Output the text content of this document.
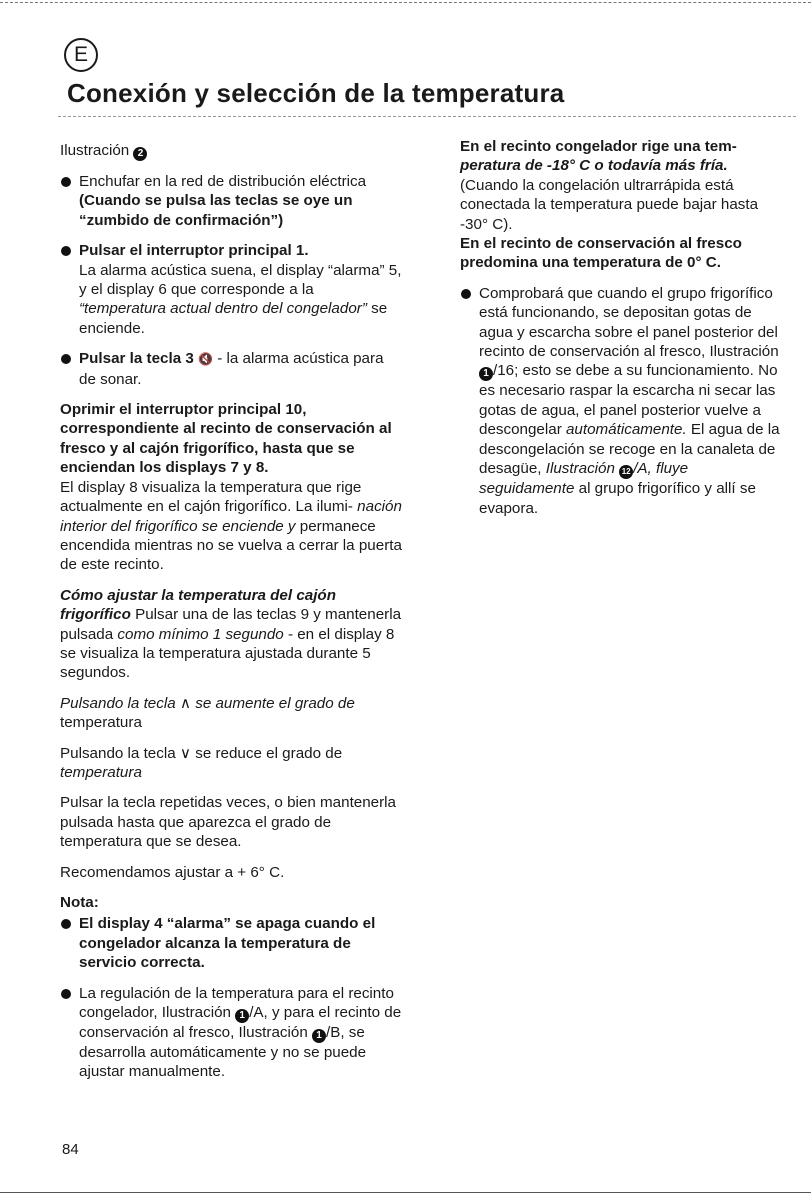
E
Conexión y selección de la temperatura

Ilustración 2

Enchufar en la red de distribución eléctrica
(Cuando se pulsa las teclas se oye un “zumbido de confirmación”)

Pulsar el interruptor principal 1.
La alarma acústica suena, el display “alarma” 5, y el display 6 que corresponde a la “temperatura actual dentro del congelador” se enciende.

Pulsar la tecla 3 🔇 - la alarma acústica para de sonar.

Oprimir el interruptor principal 10, correspondiente al recinto de conservación al fresco y al cajón frigorífico, hasta que se enciendan los displays 7 y 8.
El display 8 visualiza la temperatura que rige actualmente en el cajón frigorífico. La ilumi- nación interior del frigorífico se enciende y permanece encendida mientras no se vuelva a cerrar la puerta de este recinto.

Cómo ajustar la temperatura del cajón frigorífico Pulsar una de las teclas 9 y mantenerla pulsada como mínimo 1 segundo - en el display 8 se visualiza la temperatura ajustada durante 5 segundos.

Pulsando la tecla ∧ se aumente el grado de
temperatura

Pulsando la tecla ∨ se reduce el grado de
temperatura

Pulsar la tecla repetidas veces, o bien mantenerla pulsada hasta que aparezca el grado de temperatura que se desea.

Recomendamos ajustar a + 6° C.

Nota:

El display 4 “alarma” se apaga cuando el congelador alcanza la temperatura de servicio correcta.

La regulación de la temperatura para el recinto congelador, Ilustración 1 /A, y para el recinto de conservación al fresco, Ilustración 1 /B, se desarrolla automáticamente y no se puede ajustar manualmente.

En el recinto congelador rige una tem-
peratura de -18° C o todavía más fría.
(Cuando la congelación ultrarrápida está conectada la temperatura puede bajar hasta -30° C).
En el recinto de conservación al fresco predomina una temperatura de 0° C.

Comprobará que cuando el grupo frigorífico está funcionando, se depositan gotas de agua y escarcha sobre el panel posterior del recinto de conservación al fresco, Ilustración 1 /16; esto se debe a su funcionamiento. No es necesario raspar la escarcha ni secar las gotas de agua, el panel posterior vuelve a descongelar automáticamente. El agua de la descongelación se recoge en la canaleta de desagüe, Ilustración 12 /A, fluye seguidamente al grupo frigorífico y allí se evapora.

84
